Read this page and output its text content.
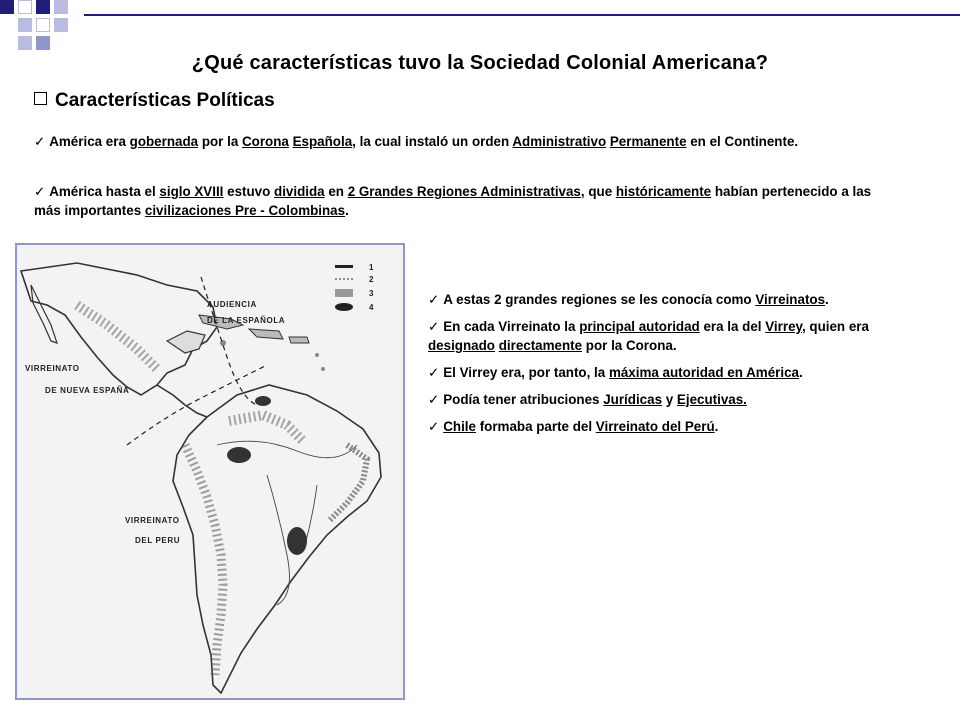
¿Qué características tuvo la Sociedad Colonial Americana?
Características Políticas
✓ América era gobernada por la Corona Española, la cual instaló un orden Administrativo Permanente en el Continente.
✓ América hasta el siglo XVIII estuvo dividida en 2 Grandes Regiones Administrativas, que históricamente habían pertenecido a las más importantes civilizaciones Pre - Colombinas.
1
2
3
4
AUDIENCIA
DE LA ESPAÑOLA
VIRREINATO
DE NUEVA ESPAÑA
VIRREINATO
DEL PERU

✓ A estas 2 grandes regiones se les conocía como Virreinatos.

✓ En cada Virreinato la principal autoridad era la del Virrey, quien era designado directamente por la Corona.

✓ El Virrey era, por tanto, la máxima autoridad en América.

✓ Podía tener atribuciones Jurídicas y Ejecutivas.

✓ Chile formaba parte del Virreinato del Perú.
